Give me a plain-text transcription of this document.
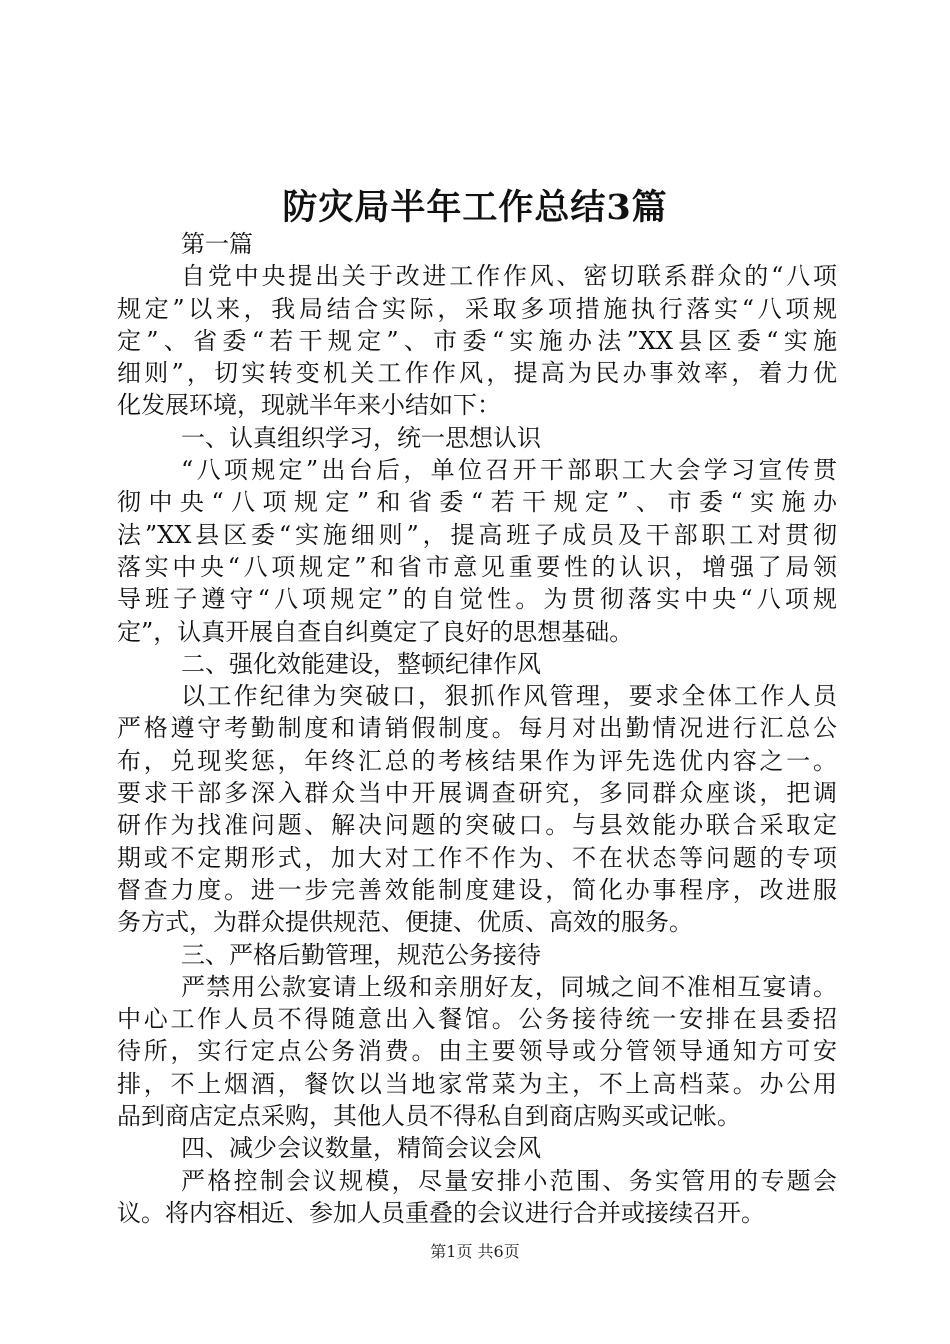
防灾局半年工作总结3篇
第一篇
自党中央提出关于改进工作作风、密切联系群众的“八项
规定”以来，我局结合实际，采取多项措施执行落实“八项规
定”、省委“若干规定”、市委“实施办法”XX县区委“实施
细则”，切实转变机关工作作风，提高为民办事效率，着力优
化发展环境，现就半年来小结如下：
一、认真组织学习，统一思想认识
“八项规定”出台后，单位召开干部职工大会学习宣传贯
彻中央“八项规定”和省委“若干规定”、市委“实施办
法”XX县区委“实施细则”，提高班子成员及干部职工对贯彻
落实中央“八项规定”和省市意见重要性的认识，增强了局领
导班子遵守“八项规定”的自觉性。为贯彻落实中央“八项规
定”，认真开展自查自纠奠定了良好的思想基础。
二、强化效能建设，整顿纪律作风
以工作纪律为突破口，狠抓作风管理，要求全体工作人员
严格遵守考勤制度和请销假制度。每月对出勤情况进行汇总公
布，兑现奖惩，年终汇总的考核结果作为评先选优内容之一。
要求干部多深入群众当中开展调查研究，多同群众座谈，把调
研作为找准问题、解决问题的突破口。与县效能办联合采取定
期或不定期形式，加大对工作不作为、不在状态等问题的专项
督查力度。进一步完善效能制度建设，简化办事程序，改进服
务方式，为群众提供规范、便捷、优质、高效的服务。
三、严格后勤管理，规范公务接待
严禁用公款宴请上级和亲朋好友，同城之间不准相互宴请。
中心工作人员不得随意出入餐馆。公务接待统一安排在县委招
待所，实行定点公务消费。由主要领导或分管领导通知方可安
排，不上烟酒，餐饮以当地家常菜为主，不上高档菜。办公用
品到商店定点采购，其他人员不得私自到商店购买或记帐。
四、减少会议数量，精简会议会风
严格控制会议规模，尽量安排小范围、务实管用的专题会
议。将内容相近、参加人员重叠的会议进行合并或接续召开。
第1页 共6页
